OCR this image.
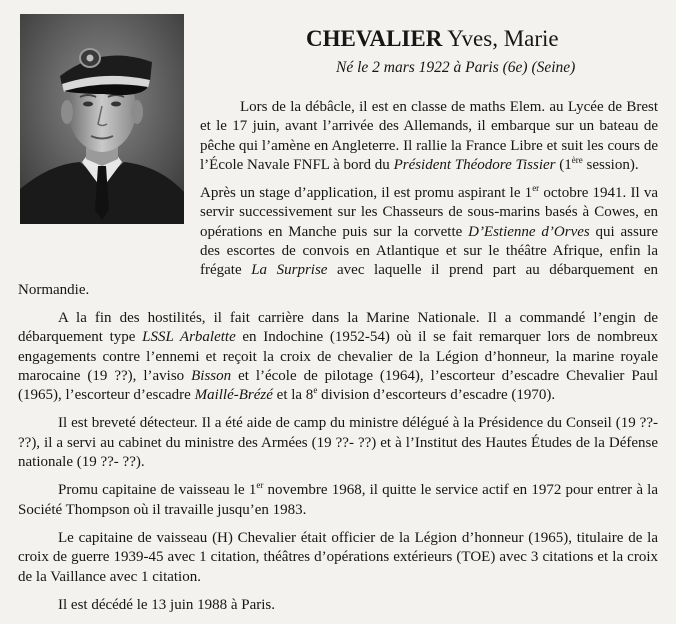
CHEVALIER Yves, Marie
Né le 2 mars 1922 à Paris (6e) (Seine)

Lors de la débâcle, il est en classe de maths Elem. au Lycée de Brest et le 17 juin, avant l’arrivée des Allemands, il embarque sur un bateau de pêche qui l’amène en Angleterre. Il rallie la France Libre et suit les cours de l’École Navale FNFL à bord du Président Théodore Tissier (1ère session).

Après un stage d’application, il est promu aspirant le 1er octobre 1941. Il va servir successivement sur les Chasseurs de sous-marins basés à Cowes, en opérations en Manche puis sur la corvette D’Estienne d’Orves qui assure des escortes de convois en Atlantique et sur le théâtre Afrique, enfin la frégate La Surprise avec laquelle il prend part au débarquement en Normandie.

A la fin des hostilités, il fait carrière dans la Marine Nationale. Il a commandé l’engin de débarquement type LSSL Arbalette en Indochine (1952-54) où il se fait remarquer lors de nombreux engagements contre l’ennemi et reçoit la croix de chevalier de la Légion d’honneur, la marine royale marocaine (19 ??), l’aviso Bisson et l’école de pilotage (1964), l’escorteur d’escadre Chevalier Paul (1965), l’escorteur d’escadre Maillé-Brézé et la 8e division d’escorteurs d’escadre (1970).

Il est breveté détecteur. Il a été aide de camp du ministre délégué à la Présidence du Conseil (19 ??- ??), il a servi au cabinet du ministre des Armées (19 ??- ??) et à l’Institut des Hautes Études de la Défense nationale (19 ??- ??).

Promu capitaine de vaisseau le 1er novembre 1968, il quitte le service actif en 1972 pour entrer à la Société Thompson où il travaille jusqu’en 1983.

Le capitaine de vaisseau (H) Chevalier était officier de la Légion d’honneur (1965), titulaire de la croix de guerre 1939-45 avec 1 citation, théâtres d’opérations extérieurs (TOE) avec 3 citations et la croix de la Vaillance avec 1 citation.

Il est décédé le 13 juin 1988 à Paris.
